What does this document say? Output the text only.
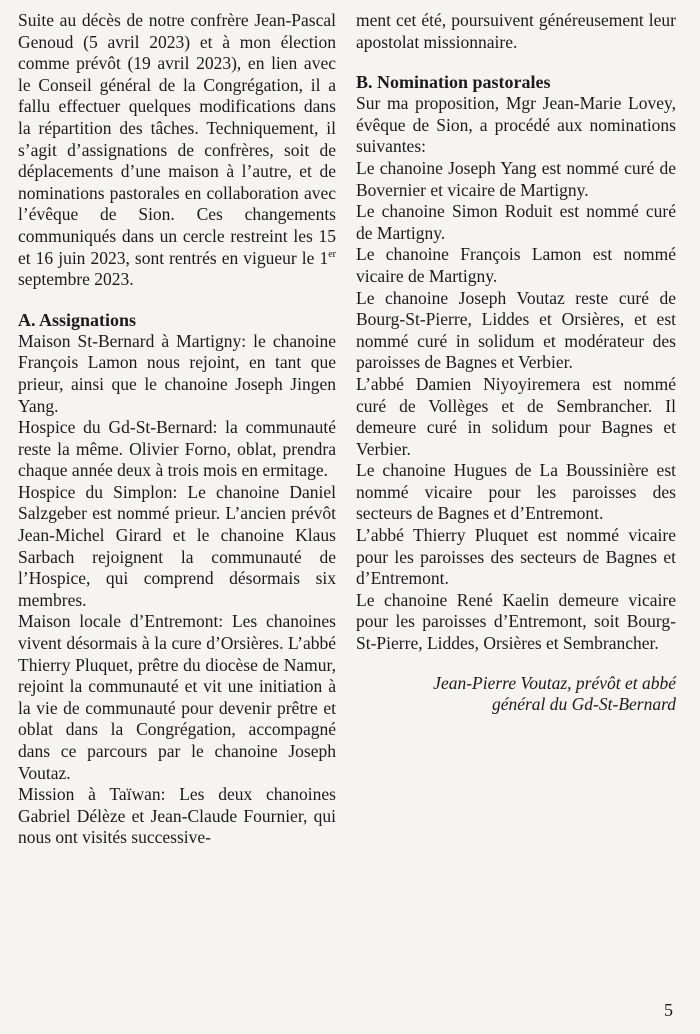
Suite au décès de notre confrère Jean-Pascal Genoud (5 avril 2023) et à mon élection comme prévôt (19 avril 2023), en lien avec le Conseil général de la Congrégation, il a fallu effectuer quelques modifications dans la répartition des tâches. Techniquement, il s’agit d’assignations de confrères, soit de déplacements d’une maison à l’autre, et de nominations pastorales en collaboration avec l’évêque de Sion. Ces changements communiqués dans un cercle restreint les 15 et 16 juin 2023, sont rentrés en vigueur le 1er septembre 2023.

A. Assignations

Maison St-Bernard à Martigny: le chanoine François Lamon nous rejoint, en tant que prieur, ainsi que le chanoine Joseph Jingen Yang.

Hospice du Gd-St-Bernard: la communauté reste la même. Olivier Forno, oblat, prendra chaque année deux à trois mois en ermitage.

Hospice du Simplon: Le chanoine Daniel Salzgeber est nommé prieur. L’ancien prévôt Jean-Michel Girard et le chanoine Klaus Sarbach rejoignent la communauté de l’Hospice, qui comprend désormais six membres.

Maison locale d’Entremont: Les chanoines vivent désormais à la cure d’Orsières. L’abbé Thierry Pluquet, prêtre du diocèse de Namur, rejoint la communauté et vit une initiation à la vie de communauté pour devenir prêtre et oblat dans la Congrégation, accompagné dans ce parcours par le chanoine Joseph Voutaz.

Mission à Taïwan: Les deux chanoines Gabriel Délèze et Jean-Claude Fournier, qui nous ont visités successive-

ment cet été, poursuivent généreusement leur apostolat missionnaire.

B. Nomination pastorales

Sur ma proposition, Mgr Jean-Marie Lovey, évêque de Sion, a procédé aux nominations suivantes:

Le chanoine Joseph Yang est nommé curé de Bovernier et vicaire de Martigny.

Le chanoine Simon Roduit est nommé curé de Martigny.

Le chanoine François Lamon est nommé vicaire de Martigny.

Le chanoine Joseph Voutaz reste curé de Bourg-St-Pierre, Liddes et Orsières, et est nommé curé in solidum et modérateur des paroisses de Bagnes et Verbier.

L’abbé Damien Niyoyiremera est nommé curé de Vollèges et de Sembrancher. Il demeure curé in solidum pour Bagnes et Verbier.

Le chanoine Hugues de La Boussinière est nommé vicaire pour les paroisses des secteurs de Bagnes et d’Entremont.

L’abbé Thierry Pluquet est nommé vicaire pour les paroisses des secteurs de Bagnes et d’Entremont.

Le chanoine René Kaelin demeure vicaire pour les paroisses d’Entremont, soit Bourg-St-Pierre, Liddes, Orsières et Sembrancher.

Jean-Pierre Voutaz, prévôt et abbé
général du Gd-St-Bernard

5
